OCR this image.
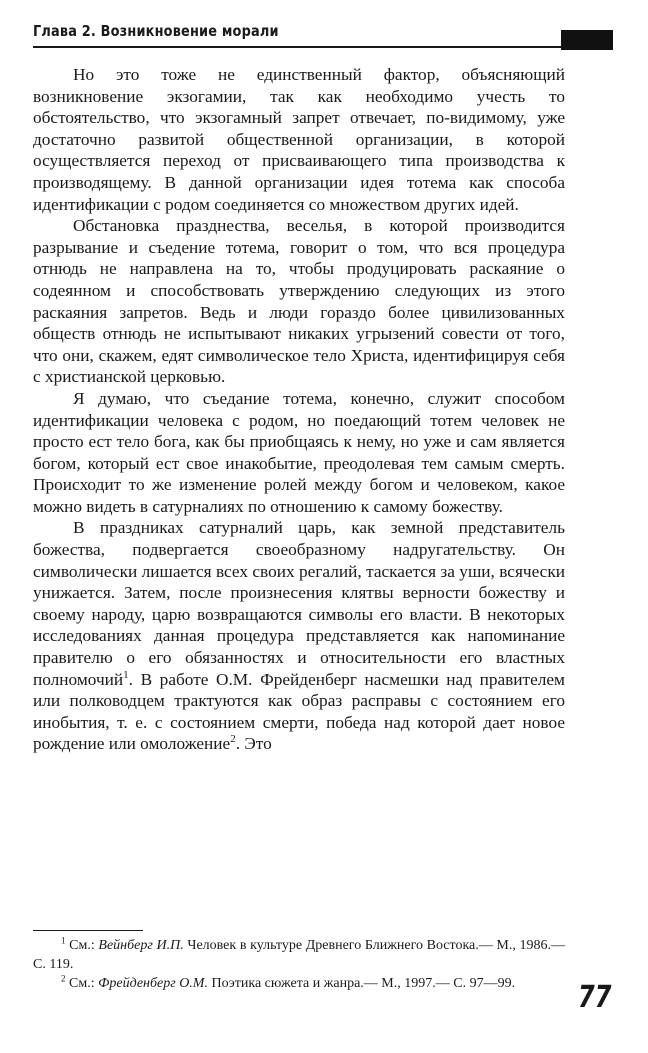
Глава 2. Возникновение морали

Но это тоже не единственный фактор, объясняющий возникновение экзогамии, так как необходимо учесть то обстоятельство, что экзогамный запрет отвечает, по-видимому, уже достаточно развитой общественной организации, в которой осуществляется переход от присваивающего типа производства к производящему. В данной организации идея тотема как способа идентификации с родом соединяется со множеством других идей.

Обстановка празднества, веселья, в которой производится разрывание и съедение тотема, говорит о том, что вся процедура отнюдь не направлена на то, чтобы продуцировать раскаяние о содеянном и способствовать утверждению следующих из этого раскаяния запретов. Ведь и люди гораздо более цивилизованных обществ отнюдь не испытывают никаких угрызений совести от того, что они, скажем, едят символическое тело Христа, идентифицируя себя с христианской церковью.

Я думаю, что съедание тотема, конечно, служит способом идентификации человека с родом, но поедающий тотем человек не просто ест тело бога, как бы приобщаясь к нему, но уже и сам является богом, который ест свое инакобытие, преодолевая тем самым смерть. Происходит то же изменение ролей между богом и человеком, какое можно видеть в сатурналиях по отношению к самому божеству.

В праздниках сатурналий царь, как земной представитель божества, подвергается своеобразному надругательству. Он символически лишается всех своих регалий, таскается за уши, всячески унижается. Затем, после произнесения клятвы верности божеству и своему народу, царю возвращаются символы его власти. В некоторых исследованиях данная процедура представляется как напоминание правителю о его обязанностях и относительности его властных полномочий$^1$. В работе О.М. Фрейденберг насмешки над правителем или полководцем трактуются как образ расправы с состоянием его инобытия, т. е. с состоянием смерти, победа над которой дает новое рождение или омоложение$^2$. Это

$^1$ См.: Вейнберг И.П. Человек в культуре Древнего Ближнего Востока.— М., 1986.— С. 119.

$^2$ См.: Фрейденберг О.М. Поэтика сюжета и жанра.— М., 1997.— С. 97—99.	77
